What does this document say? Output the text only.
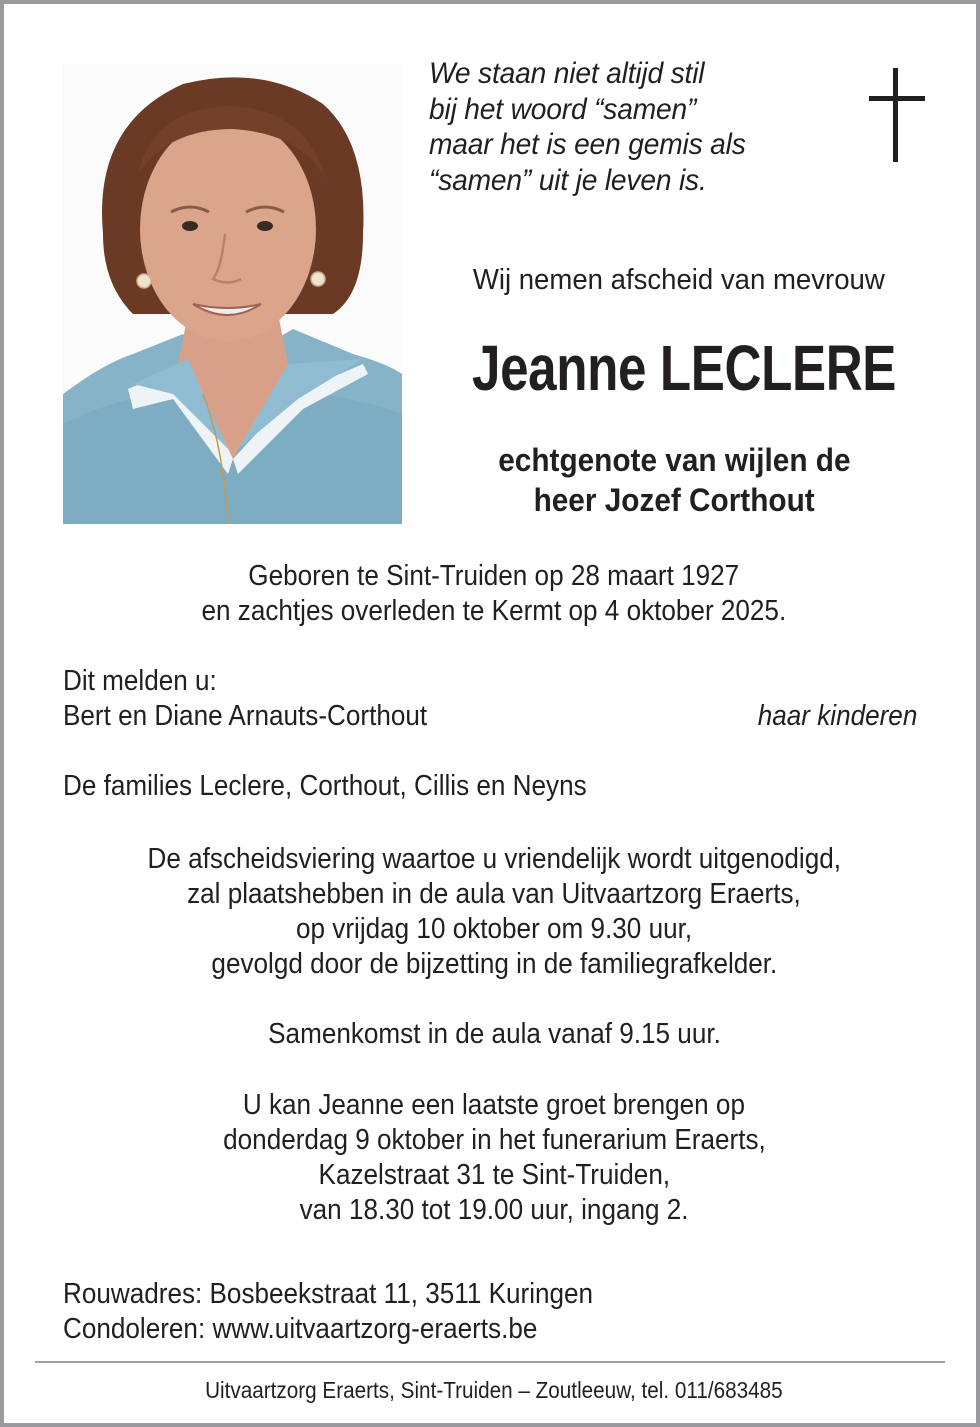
We staan niet altijd stil
bij het woord “samen”
maar het is een gemis als
“samen” uit je leven is.
Wij nemen afscheid van mevrouw
Jeanne LECLERE
echtgenote van wijlen de
heer Jozef Corthout
Geboren te Sint-Truiden op 28 maart 1927
en zachtjes overleden te Kermt op 4 oktober 2025.
Dit melden u:
Bert en Diane Arnauts-Corthout	haar kinderen
De families Leclere, Corthout, Cillis en Neyns
De afscheidsviering waartoe u vriendelijk wordt uitgenodigd,
zal plaatshebben in de aula van Uitvaartzorg Eraerts,
op vrijdag 10 oktober om 9.30 uur,
gevolgd door de bijzetting in de familiegrafkelder.
Samenkomst in de aula vanaf 9.15 uur.
U kan Jeanne een laatste groet brengen op
donderdag 9 oktober in het funerarium Eraerts,
Kazelstraat 31 te Sint-Truiden,
van 18.30 tot 19.00 uur, ingang 2.
Rouwadres: Bosbeekstraat 11, 3511 Kuringen
Condoleren: www.uitvaartzorg-eraerts.be
Uitvaartzorg Eraerts, Sint-Truiden – Zoutleeuw, tel. 011/683485
